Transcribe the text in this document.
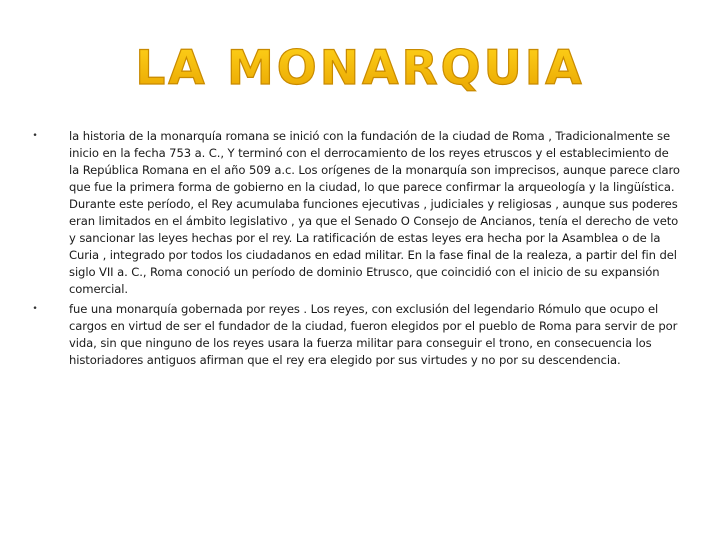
LA MONARQUIA
•	la historia de la monarquía romana se inició con la fundación de la ciudad de Roma , Tradicionalmente se inicio en la fecha 753 a. C., Y terminó con el derrocamiento de los reyes etruscos y el establecimiento de la República Romana en el año 509 a.c. Los orígenes de la monarquía son imprecisos, aunque parece claro que fue la primera forma de gobierno en la ciudad, lo que parece confirmar la arqueología y la lingüística. Durante este período, el Rey acumulaba funciones ejecutivas , judiciales y religiosas , aunque sus poderes eran limitados en el ámbito legislativo , ya que el Senado O Consejo de Ancianos, tenía el derecho de veto y sancionar las leyes hechas por el rey. La ratificación de estas leyes era hecha por la Asamblea o de la Curia , integrado por todos los ciudadanos en edad militar. En la fase final de la realeza, a partir del fin del siglo VII a. C., Roma conoció un período de dominio Etrusco, que coincidió con el inicio de su expansión comercial.
•	fue una monarquía gobernada por reyes . Los reyes, con exclusión del legendario Rómulo que ocupo el cargos en virtud de ser el fundador de la ciudad, fueron elegidos por el pueblo de Roma para servir de por vida, sin que ninguno de los reyes usara la fuerza militar para conseguir el trono, en consecuencia los historiadores antiguos afirman que el rey era elegido por sus virtudes y no por su descendencia.
